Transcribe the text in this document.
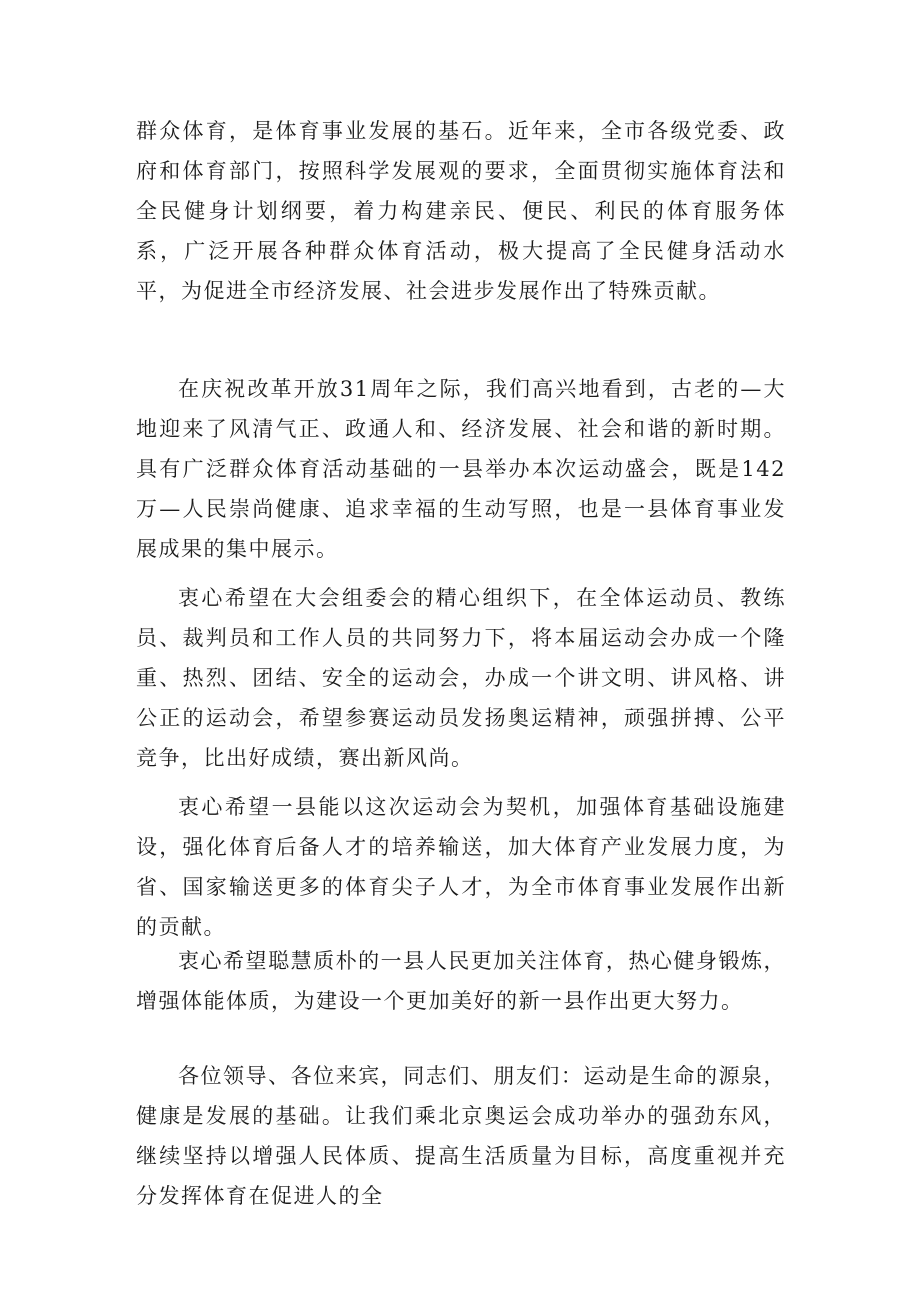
群众体育，是体育事业发展的基石。近年来，全市各级党委、政府和体育部门，按照科学发展观的要求，全面贯彻实施体育法和全民健身计划纲要，着力构建亲民、便民、利民的体育服务体系，广泛开展各种群众体育活动，极大提高了全民健身活动水平，为促进全市经济发展、社会进步发展作出了特殊贡献。

在庆祝改革开放31周年之际，我们高兴地看到，古老的—大地迎来了风清气正、政通人和、经济发展、社会和谐的新时期。具有广泛群众体育活动基础的一县举办本次运动盛会，既是142万—人民崇尚健康、追求幸福的生动写照，也是一县体育事业发展成果的集中展示。

衷心希望在大会组委会的精心组织下，在全体运动员、教练员、裁判员和工作人员的共同努力下，将本届运动会办成一个隆重、热烈、团结、安全的运动会，办成一个讲文明、讲风格、讲公正的运动会，希望参赛运动员发扬奥运精神，顽强拼搏、公平竞争，比出好成绩，赛出新风尚。

衷心希望一县能以这次运动会为契机，加强体育基础设施建设，强化体育后备人才的培养输送，加大体育产业发展力度，为省、国家输送更多的体育尖子人才，为全市体育事业发展作出新的贡献。

衷心希望聪慧质朴的一县人民更加关注体育，热心健身锻炼，增强体能体质，为建设一个更加美好的新一县作出更大努力。

各位领导、各位来宾，同志们、朋友们：运动是生命的源泉，健康是发展的基础。让我们乘北京奥运会成功举办的强劲东风，继续坚持以增强人民体质、提高生活质量为目标，高度重视并充分发挥体育在促进人的全
